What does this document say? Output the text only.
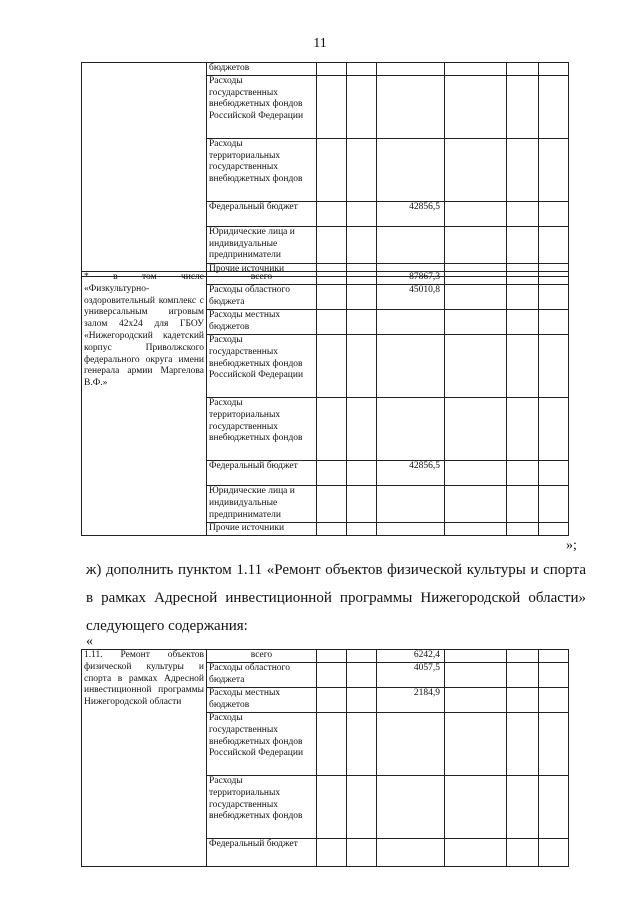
11
	бюджетов						
	Расходы государственных внебюджетных фондов Российской Федерации						
	Расходы территориальных государственных внебюджетных фондов						
	Федеральный бюджет			42856,5			
	Юридические лица и индивидуальные предприниматели						
	Прочие источники						
* в том числе «Физкультурно-оздоровительный комплекс с универсальным игровым залом 42x24 для ГБОУ «Нижегородский кадетский корпус Приволжского федерального округа имени генерала армии Маргелова В.Ф.»	всего			87867,3			
	Расходы областного бюджета			45010,8			
	Расходы местных бюджетов						
	Расходы государственных внебюджетных фондов Российской Федерации						
	Расходы территориальных государственных внебюджетных фондов						
	Федеральный бюджет			42856,5			
	Юридические лица и индивидуальные предприниматели						
	Прочие источники						
»;
ж) дополнить пунктом 1.11 «Ремонт объектов физической культуры и спорта в рамках Адресной инвестиционной программы Нижегородской области» следующего содержания:
«
1.11. Ремонт объектов физической культуры и спорта в рамках Адресной инвестиционной программы Нижегородской области	всего			6242,4			
	Расходы областного бюджета			4057,5			
	Расходы местных бюджетов			2184,9			
	Расходы государственных внебюджетных фондов Российской Федерации						
	Расходы территориальных государственных внебюджетных фондов						
	Федеральный бюджет						
